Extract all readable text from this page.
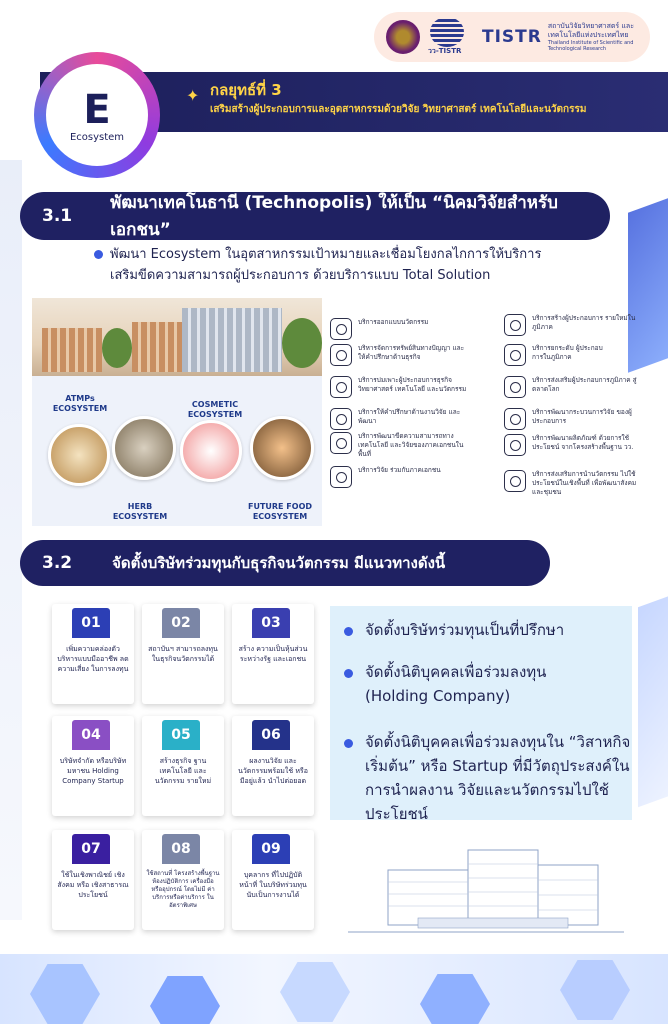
วว-TISTR
TISTR
สถาบันวิจัยวิทยาศาสตร์ และเทคโนโลยีแห่งประเทศไทย
Thailand Institute of Scientific and Technological Research
✦ กลยุทธ์ที่ 3
เสริมสร้างผู้ประกอบการและอุตสาหกรรมด้วยวิจัย วิทยาศาสตร์ เทคโนโลยีและนวัตกรรม
E
Ecosystem
3.1
พัฒนาเทคโนธานี (Technopolis) ให้เป็น “นิคมวิจัยสำหรับเอกชน”
พัฒนา Ecosystem ในอุตสาหกรรมเป้าหมายและเชื่อมโยงกลไกการให้บริการ
เสริมขีดความสามารถผู้ประกอบการ ด้วยบริการแบบ Total Solution
ATMPs
ECOSYSTEM	COSMETIC
ECOSYSTEM
HERB
ECOSYSTEM
FUTURE FOOD
ECOSYSTEM
บริการออกแบบนวัตกรรม
บริหารจัดการทรัพย์สินทางปัญญา และให้คำปรึกษาด้านธุรกิจ
บริการบ่มเพาะผู้ประกอบการธุรกิจวิทยาศาสตร์ เทคโนโลยี และนวัตกรรม
บริการให้คำปรึกษาด้านงานวิจัย และพัฒนา
บริการพัฒนาขีดความสามารถทางเทคโนโลยี และวิจัยของภาคเอกชนในพื้นที่
บริการวิจัย ร่วมกับภาคเอกชน
บริการสร้างผู้ประกอบการ รายใหม่ในภูมิภาค
บริการยกระดับ ผู้ประกอบการในภูมิภาค
บริการส่งเสริมผู้ประกอบการภูมิภาค สู่ตลาดโลก
บริการพัฒนากระบวนการวิจัย ของผู้ประกอบการ
บริการพัฒนาผลิตภัณฑ์ ด้วยการใช้ประโยชน์ จากโครงสร้างพื้นฐาน วว.
บริการส่งเสริมการนำนวัตกรรม ไปใช้ประโยชน์ในเชิงพื้นที่ เพื่อพัฒนาสังคมและชุมชน
3.2	จัดตั้งบริษัทร่วมทุนกับธุรกิจนวัตกรรม มีแนวทางดังนี้
01
เพิ่มความคล่องตัว บริหารแบบมืออาชีพ ลดความเสี่ยง ในการลงทุน
02
สถาบันฯ สามารถลงทุน ในธุรกิจนวัตกรรมได้
03
สร้าง ความเป็นหุ้นส่วน ระหว่างรัฐ และเอกชน
04
บริษัทจำกัด หรือบริษัทมหาชน Holding Company Startup
05
สร้างธุรกิจ ฐานเทคโนโลยี และนวัตกรรม รายใหม่
06
ผลงานวิจัย และนวัตกรรมพร้อมใช้ หรือมีอยู่แล้ว นำไปต่อยอด
07
ใช้ในเชิงพาณิชย์ เชิงสังคม หรือ เชิงสาธารณ ประโยชน์
08
ใช้สถานที่ โครงสร้างพื้นฐาน ห้องปฏิบัติการ เครื่องมือ หรืออุปกรณ์ โดยไม่มี ค่าบริการหรือค่าบริการ ในอัตราพิเศษ
09
บุคลากร ที่ไปปฏิบัติหน้าที่ ในบริษัทร่วมทุน นับเป็นการงานได้
จัดตั้งบริษัทร่วมทุนเป็นที่ปรึกษา
จัดตั้งนิติบุคคลเพื่อร่วมลงทุน (Holding Company)
จัดตั้งนิติบุคคลเพื่อร่วมลงทุนใน “วิสาหกิจเริ่มต้น” หรือ Startup ที่มีวัตถุประสงค์ในการนำผลงาน วิจัยและนวัตกรรมไปใช้ประโยชน์
